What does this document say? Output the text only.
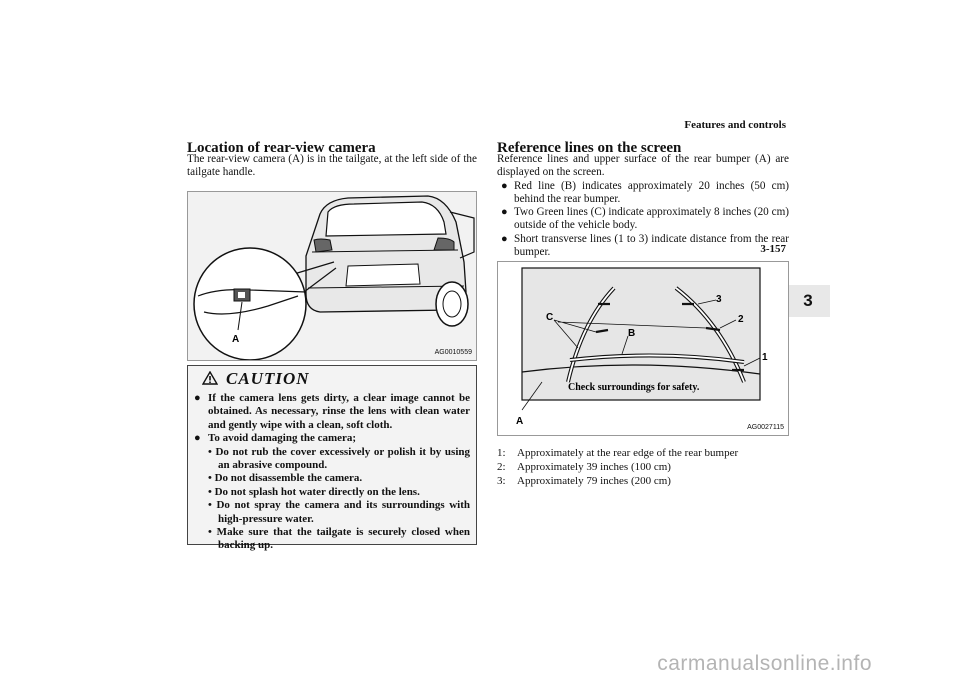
Features and controls
3-157
3
Location of rear-view camera

The rear-view camera (A) is in the tailgate, at the left side of the tailgate handle.

A
AG0010559
CAUTION
● If the camera lens gets dirty, a clear image cannot be obtained. As necessary, rinse the lens with clean water and gently wipe with a clean, soft cloth.
● To avoid damaging the camera;
• Do not rub the cover excessively or polish it by using an abrasive compound.
• Do not disassemble the camera.
• Do not splash hot water directly on the lens.
• Do not spray the camera and its surroundings with high-pressure water.
• Make sure that the tailgate is securely closed when backing up.
Reference lines on the screen

Reference lines and upper surface of the rear bumper (A) are displayed on the screen.

● Red line (B) indicates approximately 20 inches (50 cm) behind the rear bumper.
● Two Green lines (C) indicate approximately 8 inches (20 cm) outside of the vehicle body.
● Short transverse lines (1 to 3) indicate distance from the rear bumper.
C
B
3
2
1
A
Check surroundings for safety.
AG0027115
1:	Approximately at the rear edge of the rear bumper
2:	Approximately 39 inches (100 cm)
3:	Approximately 79 inches (200 cm)
carmanualsonline.info
